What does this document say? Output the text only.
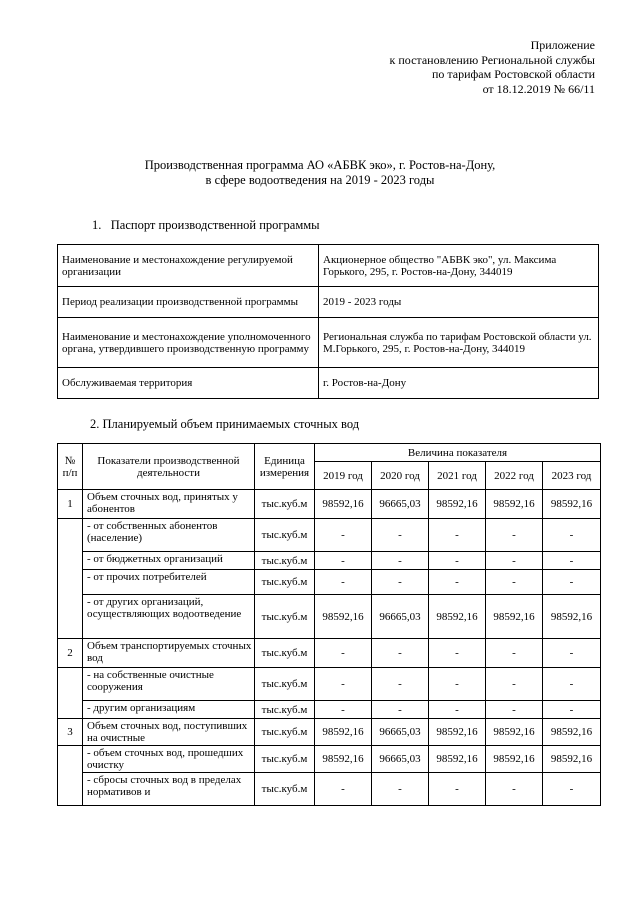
Приложение
к постановлению Региональной службы
по тарифам Ростовской области
от 18.12.2019 № 66/11
Производственная программа АО «АБВК эко», г. Ростов-на-Дону,
в сфере водоотведения на 2019 - 2023 годы
1.   Паспорт производственной программы
Наименование и местонахождение регулируемой организации	Акционерное общество "АБВК эко", ул. Максима Горького, 295, г. Ростов-на-Дону, 344019
Период реализации производственной программы	2019 - 2023 годы
Наименование и местонахождение уполномоченного органа, утвердившего производственную программу	Региональная служба по тарифам Ростовской области ул. М.Горького, 295, г. Ростов-на-Дону, 344019
Обслуживаемая территория	г. Ростов-на-Дону
2. Планируемый объем принимаемых сточных вод
№ п/п	Показатели производственной деятельности	Единица измерения	Величина показателя				
			2019 год	2020 год	2021 год	2022 год	2023 год
1	Объем сточных вод, принятых у абонентов	тыс.куб.м	98592,16	96665,03	98592,16	98592,16	98592,16
	- от собственных абонентов (население)	тыс.куб.м	-	-	-	-	-
	- от бюджетных организаций	тыс.куб.м	-	-	-	-	-
	- от прочих потребителей	тыс.куб.м	-	-	-	-	-
	- от других организаций, осуществляющих водоотведение	тыс.куб.м	98592,16	96665,03	98592,16	98592,16	98592,16
2	Объем транспортируемых сточных вод	тыс.куб.м	-	-	-	-	-
	- на собственные очистные сооружения	тыс.куб.м	-	-	-	-	-
	- другим организациям	тыс.куб.м	-	-	-	-	-
3	Объем сточных вод, поступивших на очистные	тыс.куб.м	98592,16	96665,03	98592,16	98592,16	98592,16
	- объем сточных вод, прошедших очистку	тыс.куб.м	98592,16	96665,03	98592,16	98592,16	98592,16
	- сбросы сточных вод в пределах нормативов и	тыс.куб.м	-	-	-	-	-
